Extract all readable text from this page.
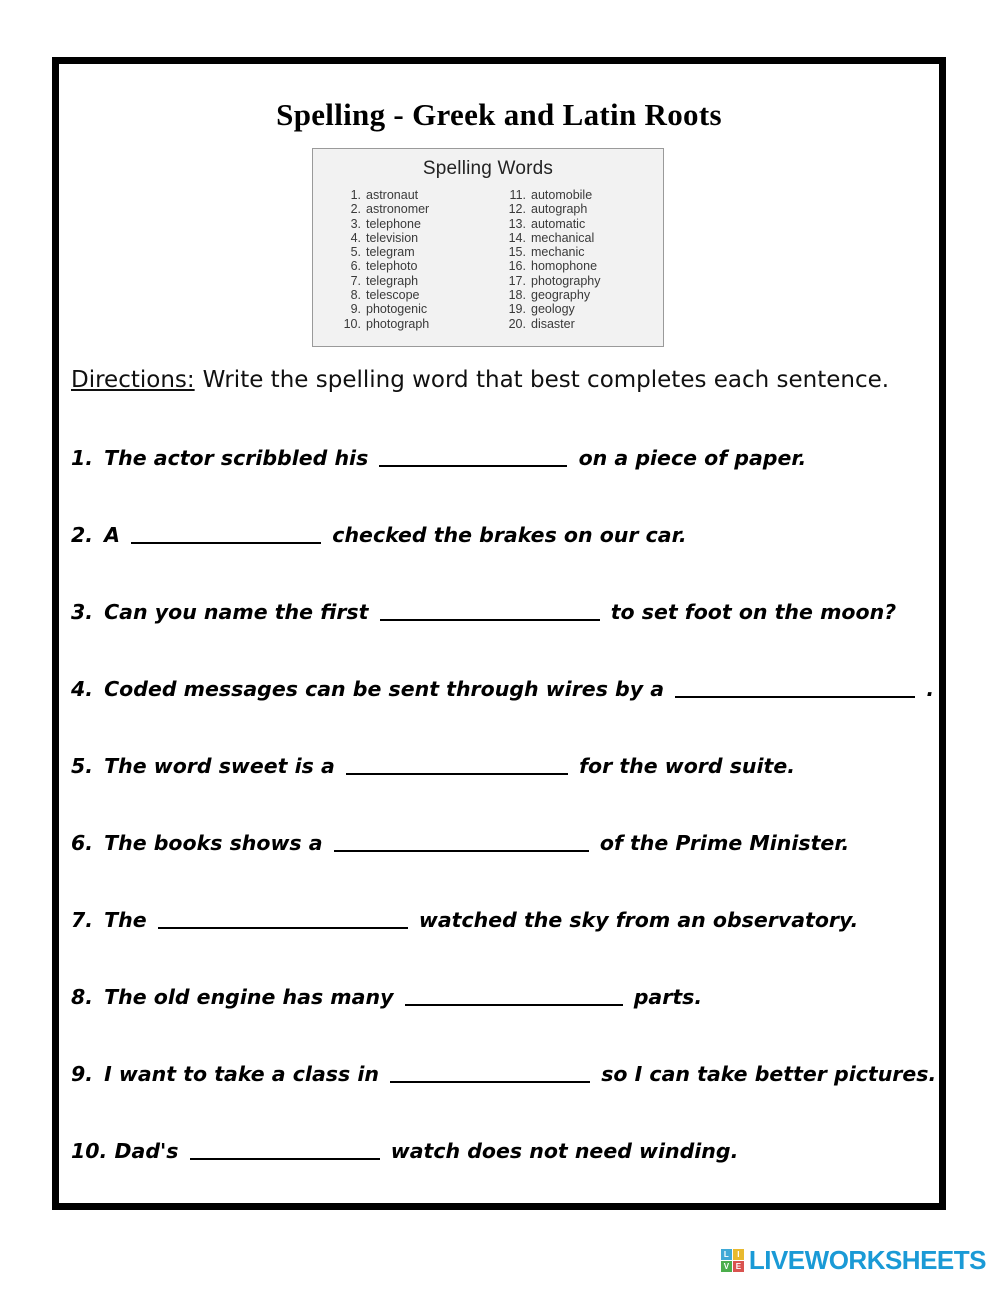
Spelling - Greek and Latin Roots
Spelling Words
1. astronaut
2. astronomer
3. telephone
4. television
5. telegram
6. telephoto
7. telegraph
8. telescope
9. photogenic
10. photograph
11. automobile
12. autograph
13. automatic
14. mechanical
15. mechanic
16. homophone
17. photography
18. geography
19. geology
20. disaster
Directions: Write the spelling word that best completes each sentence.
1. The actor scribbled his	on a piece of paper.
2. A	checked the brakes on our car.
3. Can you name the first	to set foot on the moon?
4. Coded messages can be sent through wires by a	.
5. The word sweet is a	for the word suite.
6. The books shows a	of the Prime Minister.
7. The	watched the sky from an observatory.
8. The old engine has many	parts.
9. I want to take a class in	so I can take better pictures.
10. Dad's	watch does not need winding.
L	I
V E LIVEWORKSHEETS
